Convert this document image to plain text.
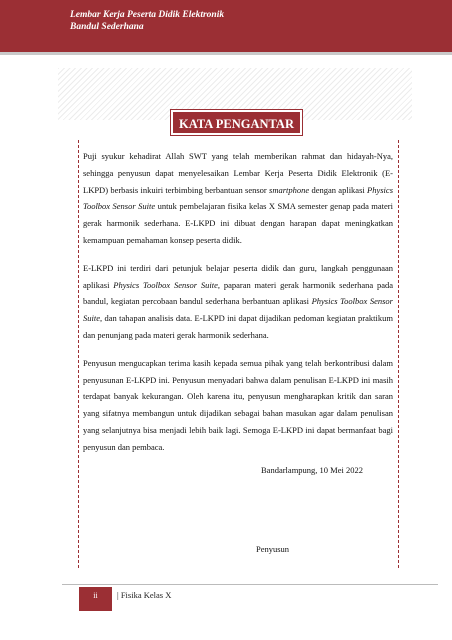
Lembar Kerja Peserta Didik Elektronik
Bandul Sederhana
KATA PENGANTAR

Puji syukur kehadirat Allah SWT yang telah memberikan rahmat dan hidayah-Nya, sehingga penyusun dapat menyelesaikan Lembar Kerja Peserta Didik Elektronik (E-LKPD) berbasis inkuiri terbimbing berbantuan sensor smartphone dengan aplikasi Physics Toolbox Sensor Suite untuk pembelajaran fisika kelas X SMA semester genap pada materi gerak harmonik sederhana. E-LKPD ini dibuat dengan harapan dapat meningkatkan kemampuan pemahaman konsep peserta didik.

E-LKPD ini terdiri dari petunjuk belajar peserta didik dan guru, langkah penggunaan aplikasi Physics Toolbox Sensor Suite, paparan materi gerak harmonik sederhana pada bandul, kegiatan percobaan bandul sederhana berbantuan aplikasi Physics Toolbox Sensor Suite, dan tahapan analisis data. E-LKPD ini dapat dijadikan pedoman kegiatan praktikum dan penunjang pada materi gerak harmonik sederhana.

Penyusun mengucapkan terima kasih kepada semua pihak yang telah berkontribusi dalam penyusunan E-LKPD ini. Penyusun menyadari bahwa dalam penulisan E-LKPD ini masih terdapat banyak kekurangan. Oleh karena itu, penyusun mengharapkan kritik dan saran yang sifatnya membangun untuk dijadikan sebagai bahan masukan agar dalam penulisan yang selanjutnya bisa menjadi lebih baik lagi. Semoga E-LKPD ini dapat bermanfaat bagi penyusun dan pembaca.

Bandarlampung, 10 Mei 2022
Penyusun
ii	| Fisika Kelas X
